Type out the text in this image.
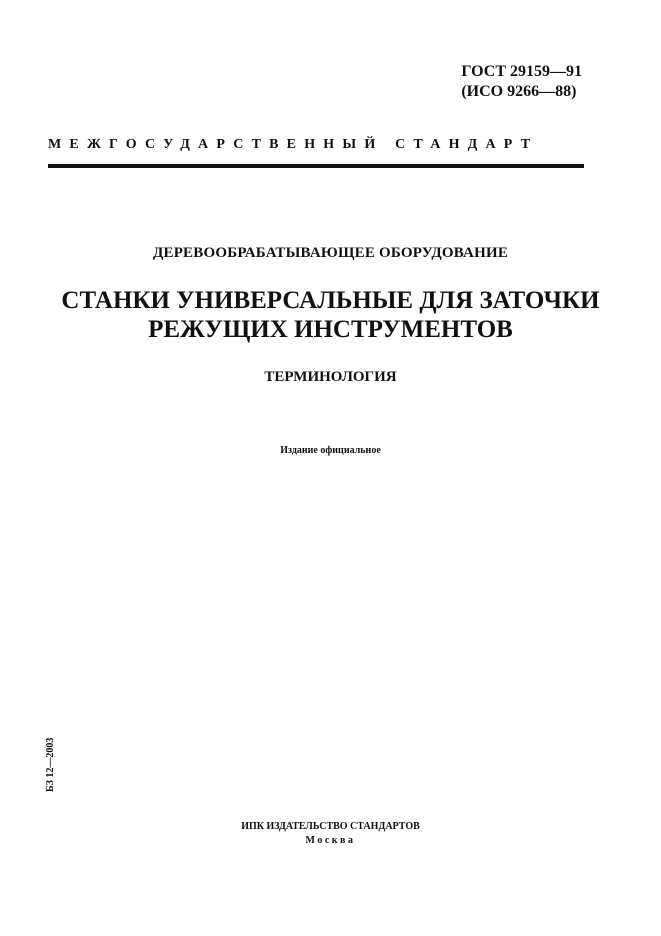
ГОСТ 29159—91
(ИСО 9266—88)
МЕЖГОСУДАРСТВЕННЫЙ СТАНДАРТ
ДЕРЕВООБРАБАТЫВАЮЩЕЕ ОБОРУДОВАНИЕ
СТАНКИ УНИВЕРСАЛЬНЫЕ ДЛЯ ЗАТОЧКИ
РЕЖУЩИХ ИНСТРУМЕНТОВ
ТЕРМИНОЛОГИЯ
Издание официальное
БЗ 12—2003
ИПК ИЗДАТЕЛЬСТВО СТАНДАРТОВ
Москва
